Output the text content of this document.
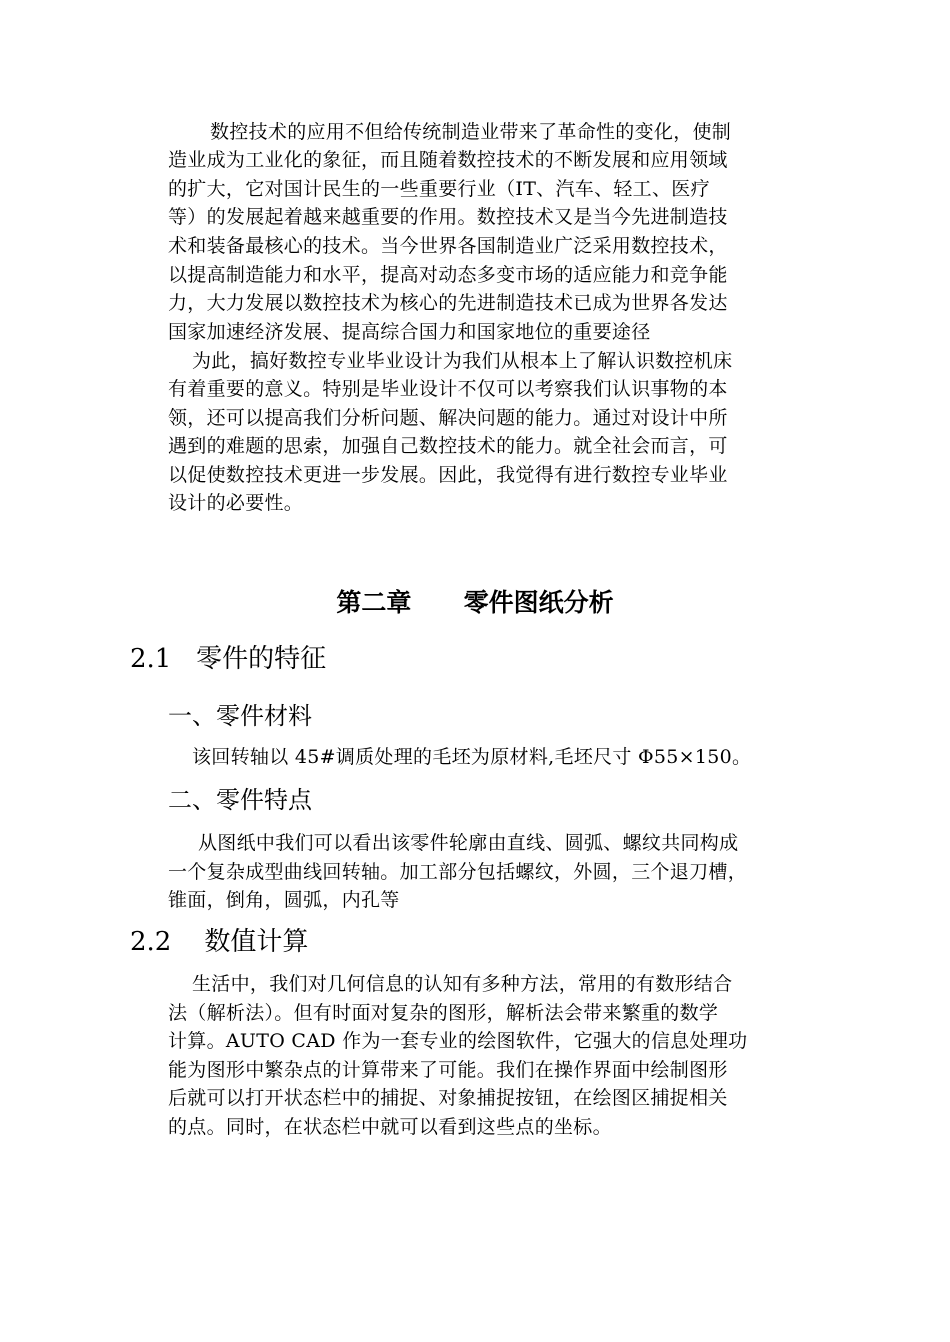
数控技术的应用不但给传统制造业带来了革命性的变化，使制
造业成为工业化的象征，而且随着数控技术的不断发展和应用领域
的扩大，它对国计民生的一些重要行业（IT、汽车、轻工、医疗
等）的发展起着越来越重要的作用。数控技术又是当今先进制造技
术和装备最核心的技术。当今世界各国制造业广泛采用数控技术，
以提高制造能力和水平，提高对动态多变市场的适应能力和竞争能
力，大力发展以数控技术为核心的先进制造技术已成为世界各发达
国家加速经济发展、提高综合国力和国家地位的重要途径
为此，搞好数控专业毕业设计为我们从根本上了解认识数控机床
有着重要的意义。特别是毕业设计不仅可以考察我们认识事物的本
领，还可以提高我们分析问题、解决问题的能力。通过对设计中所
遇到的难题的思索，加强自己数控技术的能力。就全社会而言，可
以促使数控技术更进一步发展。因此，我觉得有进行数控专业毕业
设计的必要性。
第二章      零件图纸分析
2.1   零件的特征
一、零件材料
该回转轴以 45#调质处理的毛坯为原材料,毛坯尺寸 Φ55×150。
二、零件特点
从图纸中我们可以看出该零件轮廓由直线、圆弧、螺纹共同构成
一个复杂成型曲线回转轴。加工部分包括螺纹，外圆，三个退刀槽，
锥面，倒角，圆弧，内孔等
2.2    数值计算
生活中，我们对几何信息的认知有多种方法，常用的有数形结合
法（解析法）。但有时面对复杂的图形，解析法会带来繁重的数学
计算。AUTO CAD 作为一套专业的绘图软件，它强大的信息处理功
能为图形中繁杂点的计算带来了可能。我们在操作界面中绘制图形
后就可以打开状态栏中的捕捉、对象捕捉按钮，在绘图区捕捉相关
的点。同时，在状态栏中就可以看到这些点的坐标。
